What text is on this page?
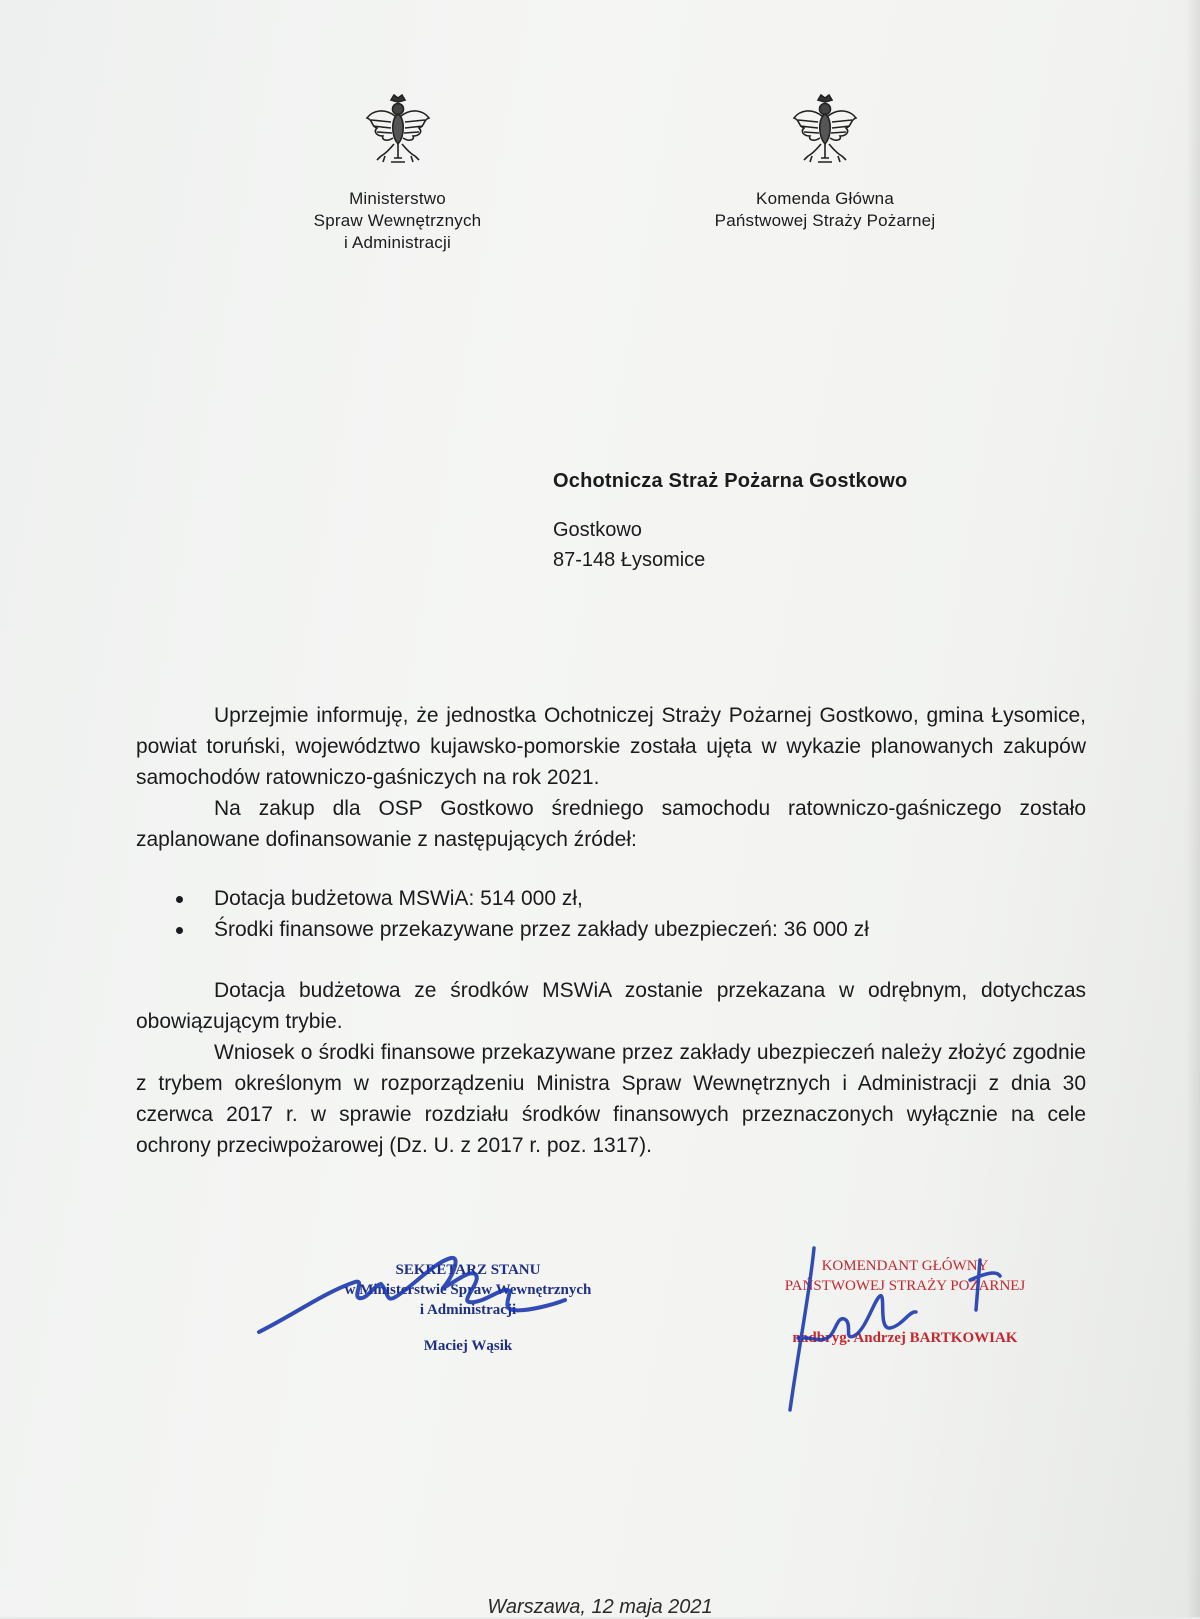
Ministerstwo
Spraw Wewnętrznych
i Administracji
Komenda Główna
Państwowej Straży Pożarnej
Ochotnicza Straż Pożarna Gostkowo
Gostkowo
87-148 Łysomice

Uprzejmie informuję, że jednostka Ochotniczej Straży Pożarnej Gostkowo, gmina Łysomice, powiat toruński, województwo kujawsko-pomorskie została ujęta w wykazie planowanych zakupów samochodów ratowniczo-gaśniczych na rok 2021.

Na zakup dla OSP Gostkowo średniego samochodu ratowniczo-gaśniczego zostało zaplanowane dofinansowanie z następujących źródeł:

Dotacja budżetowa MSWiA: 514 000 zł,
Środki finansowe przekazywane przez zakłady ubezpieczeń: 36 000 zł

Dotacja budżetowa ze środków MSWiA zostanie przekazana w odrębnym, dotychczas obowiązującym trybie.

Wniosek o środki finansowe przekazywane przez zakłady ubezpieczeń należy złożyć zgodnie z trybem określonym w rozporządzeniu Ministra Spraw Wewnętrznych i Administracji z dnia 30 czerwca 2017 r. w sprawie rozdziału środków finansowych przeznaczonych wyłącznie na cele ochrony przeciwpożarowej (Dz. U. z 2017 r. poz. 1317).

SEKRETARZ STANU
w Ministerstwie Spraw Wewnętrznych
i Administracji
Maciej Wąsik
KOMENDANT GŁÓWNY
PAŃSTWOWEJ STRAŻY POŻARNEJ
nadbryg. Andrzej BARTKOWIAK
Warszawa, 12 maja 2021
